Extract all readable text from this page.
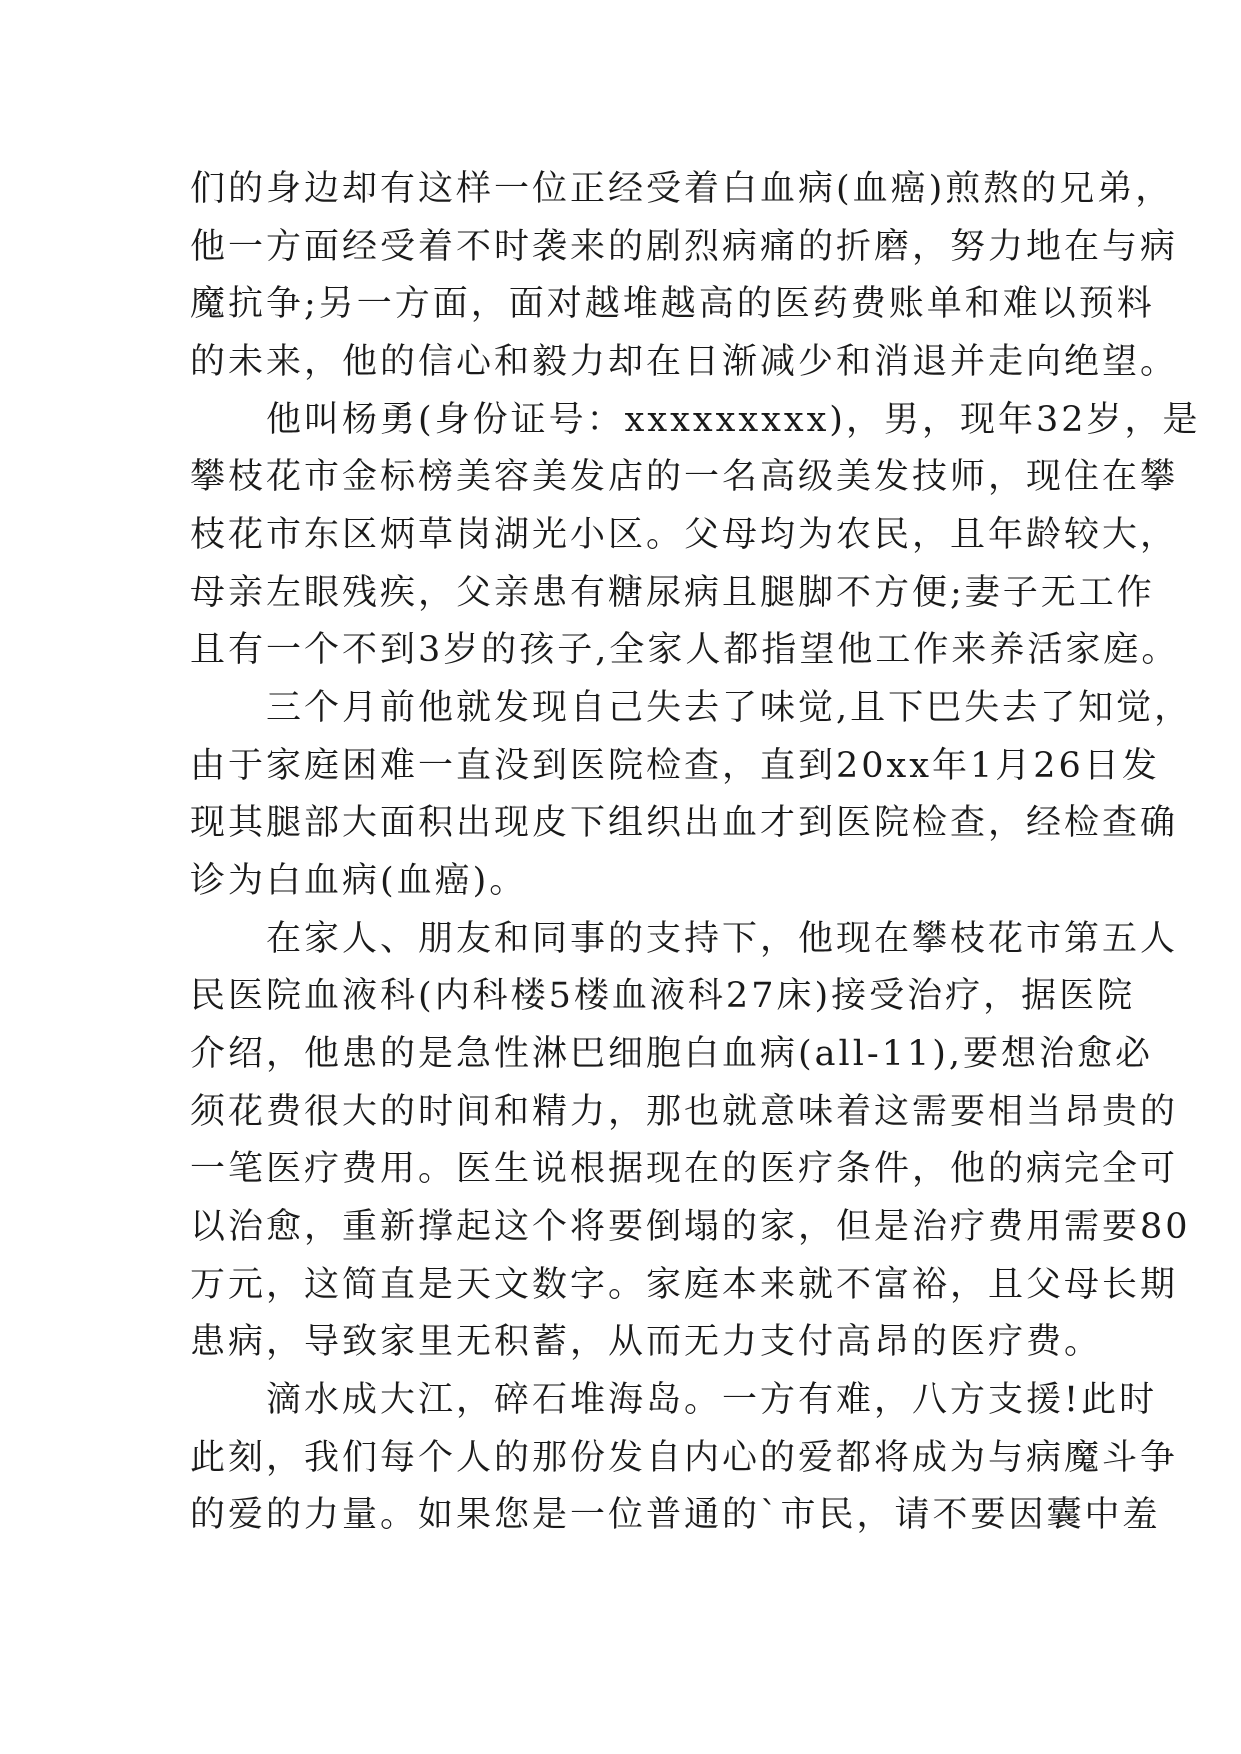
们的身边却有这样一位正经受着白血病(血癌)煎熬的兄弟，
他一方面经受着不时袭来的剧烈病痛的折磨，努力地在与病
魔抗争;另一方面，面对越堆越高的医药费账单和难以预料
的未来，他的信心和毅力却在日渐减少和消退并走向绝望。
　　他叫杨勇(身份证号：xxxxxxxxx)，男，现年32岁，是
攀枝花市金标榜美容美发店的一名高级美发技师，现住在攀
枝花市东区炳草岗湖光小区。父母均为农民，且年龄较大，
母亲左眼残疾，父亲患有糖尿病且腿脚不方便;妻子无工作
且有一个不到3岁的孩子,全家人都指望他工作来养活家庭。
　　三个月前他就发现自己失去了味觉,且下巴失去了知觉，
由于家庭困难一直没到医院检查，直到20xx年1月26日发
现其腿部大面积出现皮下组织出血才到医院检查，经检查确
诊为白血病(血癌)。
　　在家人、朋友和同事的支持下，他现在攀枝花市第五人
民医院血液科(内科楼5楼血液科27床)接受治疗，据医院
介绍，他患的是急性淋巴细胞白血病(all-11),要想治愈必
须花费很大的时间和精力，那也就意味着这需要相当昂贵的
一笔医疗费用。医生说根据现在的医疗条件，他的病完全可
以治愈，重新撑起这个将要倒塌的家，但是治疗费用需要80
万元，这简直是天文数字。家庭本来就不富裕，且父母长期
患病，导致家里无积蓄，从而无力支付高昂的医疗费。
　　滴水成大江，碎石堆海岛。一方有难，八方支援!此时
此刻，我们每个人的那份发自内心的爱都将成为与病魔斗争
的爱的力量。如果您是一位普通的`市民，请不要因囊中羞
